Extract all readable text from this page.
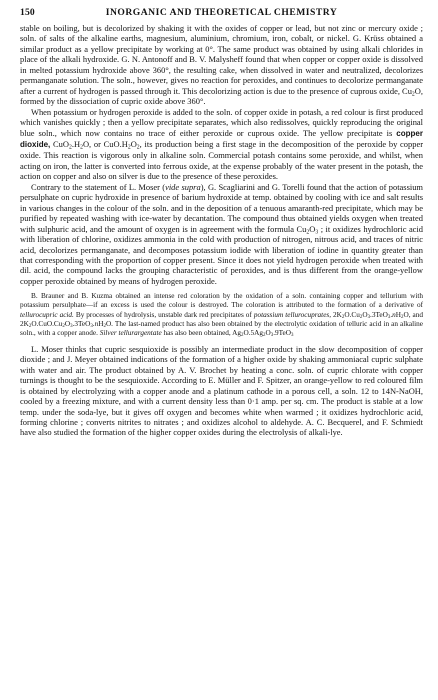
150	INORGANIC AND THEORETICAL CHEMISTRY

stable on boiling, but is decolorized by shaking it with the oxides of copper or lead, but not zinc or mercury oxide ; soln. of salts of the alkaline earths, magnesium, aluminium, chromium, iron, cobalt, or nickel. G. Krüss obtained a similar product as a yellow precipitate by working at 0°. The same product was obtained by using alkali chlorides in place of the alkali hydroxide. G. N. Antonoff and B. V. Malysheff found that when copper or copper oxide is dissolved in melted potassium hydroxide above 360°, the resulting cake, when dissolved in water and neutralized, decolorizes permanganate solution. The soln., however, gives no reaction for peroxides, and continues to decolorize permanganate after a current of hydrogen is passed through it. This decolorizing action is due to the presence of cuprous oxide, $Cu_2O$, formed by the dissociation of cupric oxide above 360°.

When potassium or hydrogen peroxide is added to the soln. of copper oxide in potash, a red colour is first produced which vanishes quickly ; then a yellow precipitate separates, which also redissolves, quickly reproducing the original blue soln., which now contains no trace of either peroxide or cuprous oxide. The yellow precipitate is copper dioxide, $CuO_2.H_2O$, or $CuO.H_2O_2$, its production being a first stage in the decomposition of the peroxide by copper oxide. This reaction is vigorous only in alkaline soln. Commercial potash contains some peroxide, and whilst, when acting on iron, the latter is converted into ferrous oxide, at the expense probably of the water present in the potash, the action on copper and also on silver is due to the presence of these peroxides.

Contrary to the statement of L. Moser (vide supra), G. Scagliarini and G. Torelli found that the action of potassium persulphate on cupric hydroxide in presence of barium hydroxide at temp. obtained by cooling with ice and salt results in various changes in the colour of the soln. and in the deposition of a tenuous amaranth-red precipitate, which may be purified by repeated washing with ice-water by decantation. The compound thus obtained yields oxygen when treated with sulphuric acid, and the amount of oxygen is in agreement with the formula $Cu_2O_3$ ; it oxidizes hydrochloric acid with liberation of chlorine, oxidizes ammonia in the cold with production of nitrogen, nitrous acid, and traces of nitric acid, decolorizes permanganate, and decomposes potassium iodide with liberation of iodine in quantity greater than that corresponding with the proportion of copper present. Since it does not yield hydrogen peroxide when treated with dil. acid, the compound lacks the grouping characteristic of peroxides, and is thus different from the orange-yellow copper peroxide obtained by means of hydrogen peroxide.

B. Brauner and B. Kuzma obtained an intense red coloration by the oxidation of a soln. containing copper and tellurium with potassium persulphate—if an excess is used the colour is destroyed. The coloration is attributed to the formation of a derivative of tellurocupric acid. By processes of hydrolysis, unstable dark red precipitates of potassium tellurocuprates, $2K_2O.Cu_2O_3.3TeO_3.nH_2O$, and $2K_2O.CuO.Cu_2O_3.3TeO_3.nH_2O$. The last-named product has also been obtained by the electrolytic oxidation of telluric acid in an alkaline soln., with a copper anode. Silver tellurargentate has also been obtained, $Ag_2O.5Ag_2O_3.9TeO_3$

L. Moser thinks that cupric sesquioxide is possibly an intermediate product in the slow decomposition of copper dioxide ; and J. Meyer obtained indications of the formation of a higher oxide by shaking ammoniacal cupric sulphate with water and air. The product obtained by A. V. Brochet by heating a conc. soln. of cupric chlorate with copper turnings is thought to be the sesquioxide. According to E. Müller and F. Spitzer, an orange-yellow to red coloured film is obtained by electrolyzing with a copper anode and a platinum cathode in a porous cell, a soln. 12 to 14N-NaOH, cooled by a freezing mixture, and with a current density less than 0·1 amp. per sq. cm. The product is stable at a low temp. under the soda-lye, but it gives off oxygen and becomes white when warmed ; it oxidizes hydrochloric acid, forming chlorine ; converts nitrites to nitrates ; and oxidizes alcohol to aldehyde. A. C. Becquerel, and F. Schmiedt have also studied the formation of the higher copper oxides during the electrolysis of alkali-lye.
